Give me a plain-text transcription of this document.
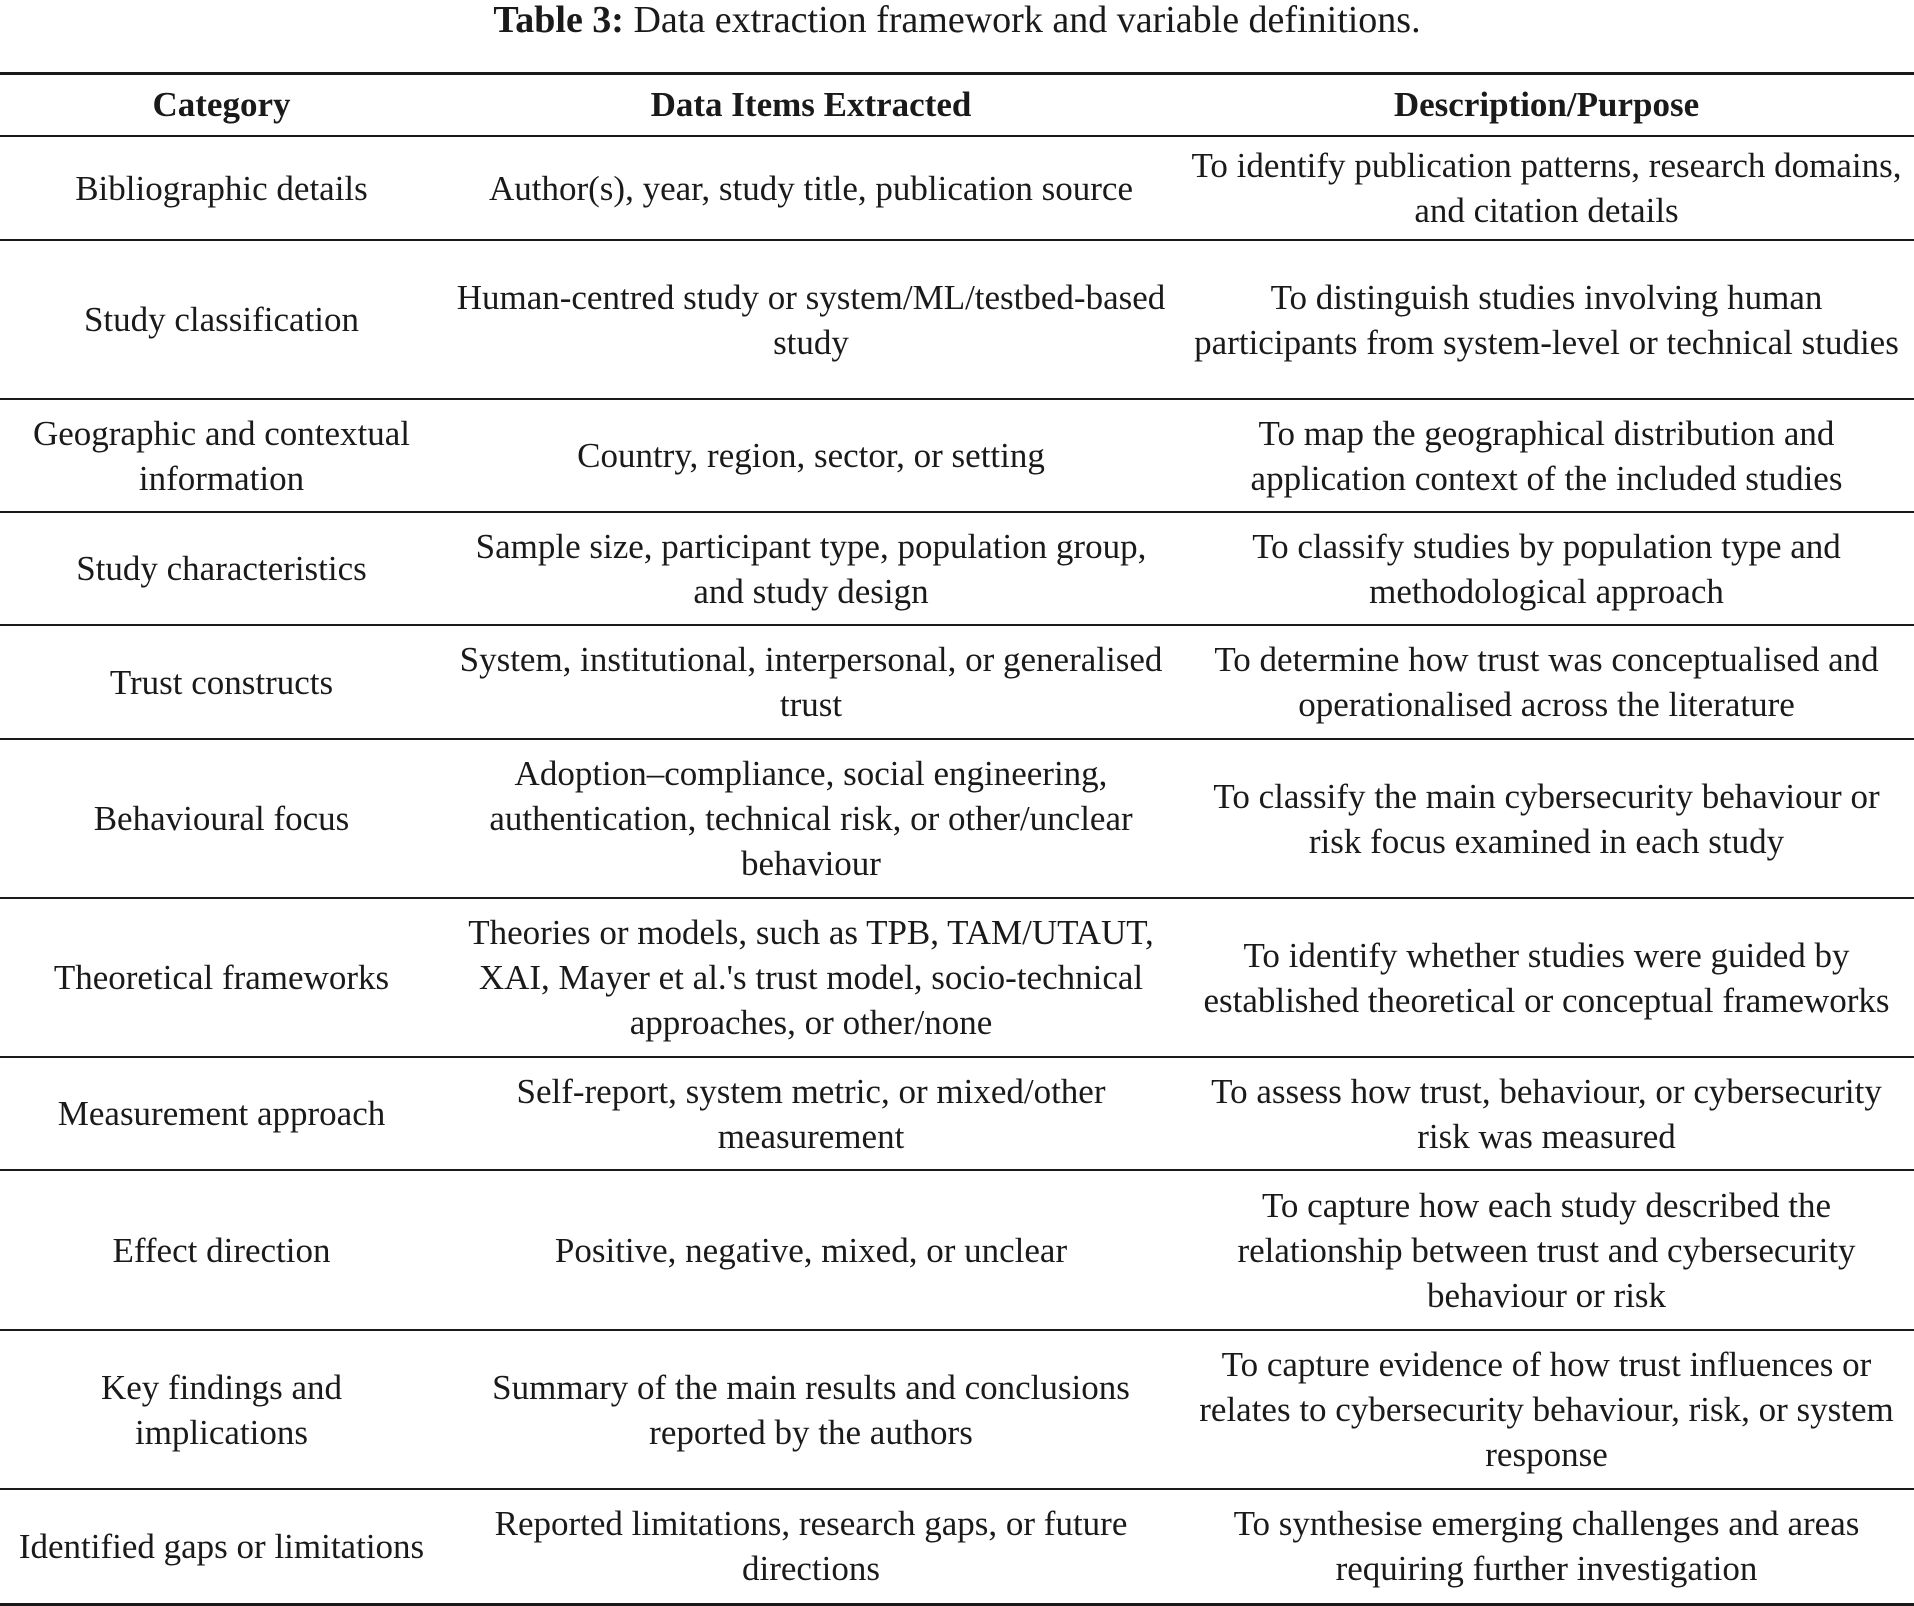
Table 3: Data extraction framework and variable definitions.
Category	Data Items Extracted	Description/Purpose
Bibliographic details	Author(s), year, study title, publication source	To identify publication patterns, research domains, and citation details
Study classification	Human-centred study or system/ML/testbed-based study	To distinguish studies involving human participants from system-level or technical studies
Geographic and contextual information	Country, region, sector, or setting	To map the geographical distribution and application context of the included studies
Study characteristics	Sample size, participant type, population group, and study design	To classify studies by population type and methodological approach
Trust constructs	System, institutional, interpersonal, or generalised trust	To determine how trust was conceptualised and operationalised across the literature
Behavioural focus	Adoption–compliance, social engineering, authentication, technical risk, or other/unclear behaviour	To classify the main cybersecurity behaviour or risk focus examined in each study
Theoretical frameworks	Theories or models, such as TPB, TAM/UTAUT, XAI, Mayer et al.'s trust model, socio-technical approaches, or other/none	To identify whether studies were guided by established theoretical or conceptual frameworks
Measurement approach	Self-report, system metric, or mixed/other measurement	To assess how trust, behaviour, or cybersecurity risk was measured
Effect direction	Positive, negative, mixed, or unclear	To capture how each study described the relationship between trust and cybersecurity behaviour or risk
Key findings and implications	Summary of the main results and conclusions reported by the authors	To capture evidence of how trust influences or relates to cybersecurity behaviour, risk, or system response
Identified gaps or limitations	Reported limitations, research gaps, or future directions	To synthesise emerging challenges and areas requiring further investigation
